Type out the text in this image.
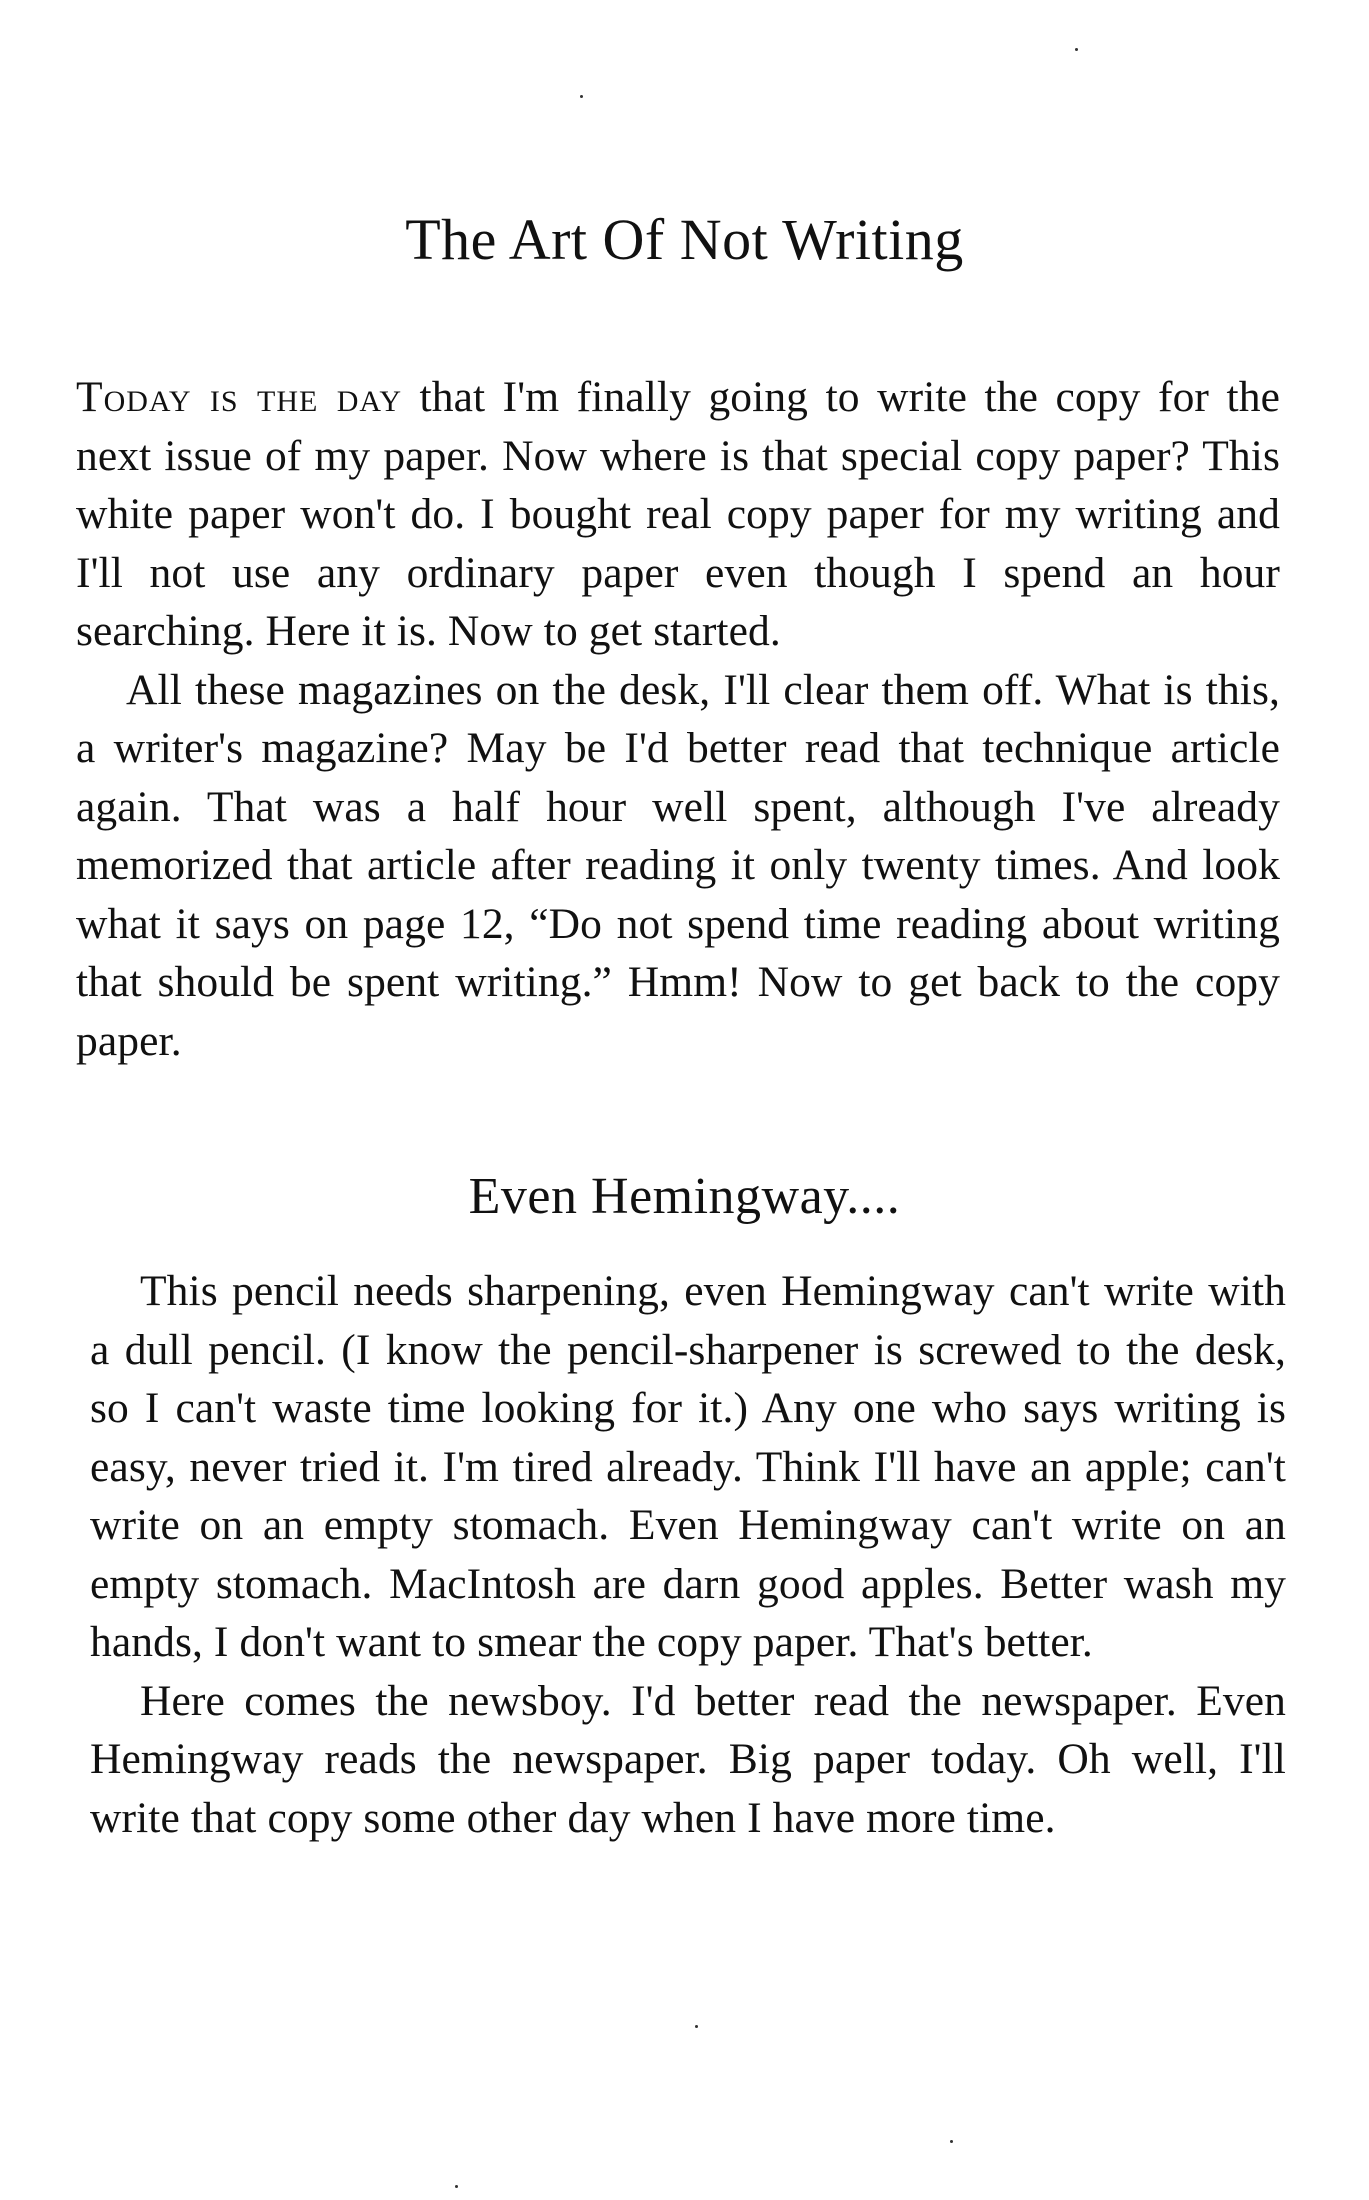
The Art Of Not Writing

Today is the day that I'm finally going to write the copy for the next issue of my paper. Now where is that special copy paper? This white paper won't do. I bought real copy paper for my writing and I'll not use any ordinary paper even though I spend an hour searching. Here it is. Now to get started.

All these magazines on the desk, I'll clear them off. What is this, a writer's magazine? May be I'd better read that technique article again. That was a half hour well spent, although I've already memorized that article after reading it only twenty times. And look what it says on page 12, “Do not spend time reading about writing that should be spent writing.” Hmm! Now to get back to the copy paper.

Even Hemingway....

This pencil needs sharpening, even Hemingway can't write with a dull pencil. (I know the pencil-sharpener is screwed to the desk, so I can't waste time looking for it.) Any one who says writing is easy, never tried it. I'm tired already. Think I'll have an apple; can't write on an empty stomach. Even Hemingway can't write on an empty stomach. MacIntosh are darn good apples. Better wash my hands, I don't want to smear the copy paper. That's better.

Here comes the newsboy. I'd better read the newspaper. Even Hemingway reads the newspaper. Big paper today. Oh well, I'll write that copy some other day when I have more time.
